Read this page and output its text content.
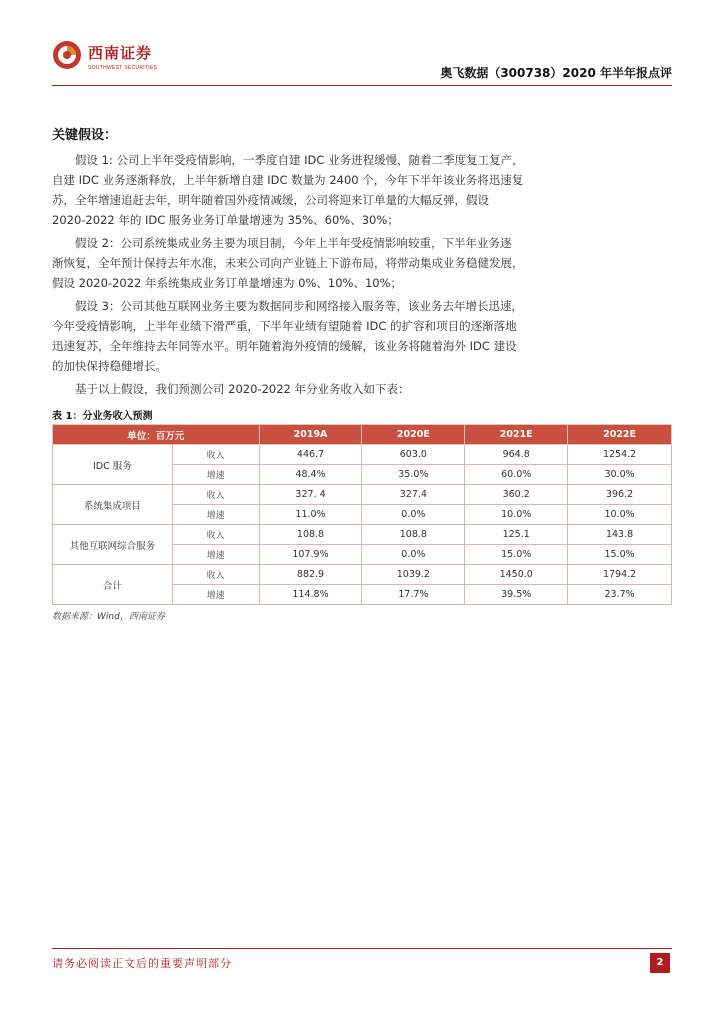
西南证券
SOUTHWEST SECURITIES	奥飞数据（300738）2020 年半年报点评
关键假设：
假设 1: 公司上半年受疫情影响，一季度自建 IDC 业务进程缓慢，随着二季度复工复产，
自建 IDC 业务逐渐释放，上半年新增自建 IDC 数量为 2400 个，今年下半年该业务将迅速复
苏，全年增速追赶去年，明年随着国外疫情减缓，公司将迎来订单量的大幅反弹，假设
2020-2022 年的 IDC 服务业务订单量增速为 35%、60%、30%；
假设 2：公司系统集成业务主要为项目制，今年上半年受疫情影响较重，下半年业务逐
渐恢复，全年预计保持去年水准，未来公司向产业链上下游布局，将带动集成业务稳健发展，
假设 2020-2022 年系统集成业务订单量增速为 0%、10%、10%；
假设 3：公司其他互联网业务主要为数据同步和网络接入服务等，该业务去年增长迅速，
今年受疫情影响，上半年业绩下滑严重，下半年业绩有望随着 IDC 的扩容和项目的逐渐落地
迅速复苏，全年维持去年同等水平。明年随着海外疫情的缓解，该业务将随着海外 IDC 建设
的加快保持稳健增长。
基于以上假设，我们预测公司 2020-2022 年分业务收入如下表：
表 1：分业务收入预测
单位：百万元		2019A	2020E	2021E	2022E
IDC 服务	收入	446.7	603.0	964.8	1254.2
	增速	48.4%	35.0%	60.0%	30.0%
系统集成项目	收入	327. 4	327.4	360.2	396.2
	增速	11.0%	0.0%	10.0%	10.0%
其他互联网综合服务	收入	108.8	108.8	125.1	143.8
	增速	107.9%	0.0%	15.0%	15.0%
合计	收入	882.9	1039.2	1450.0	1794.2
	增速	114.8%	17.7%	39.5%	23.7%
数据来源：Wind，西南证券
请务必阅读正文后的重要声明部分	2
